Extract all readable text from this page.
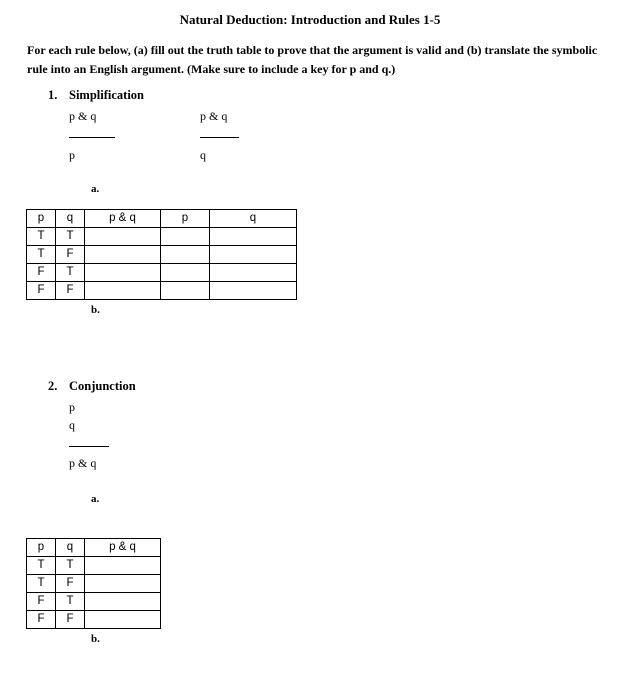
Natural Deduction: Introduction and Rules 1-5
For each rule below, (a) fill out the truth table to prove that the argument is valid and (b) translate the symbolic rule into an English argument. (Make sure to include a key for p and q.)
1. Simplification
p & q
p
p & q
q
a.
p	q	p & q	p	q
T	T			
T	F			
F	T			
F	F			
b.
2. Conjunction
p
q
p & q
a.
p	q	p & q
T	T	
T	F	
F	T	
F	F	
b.
